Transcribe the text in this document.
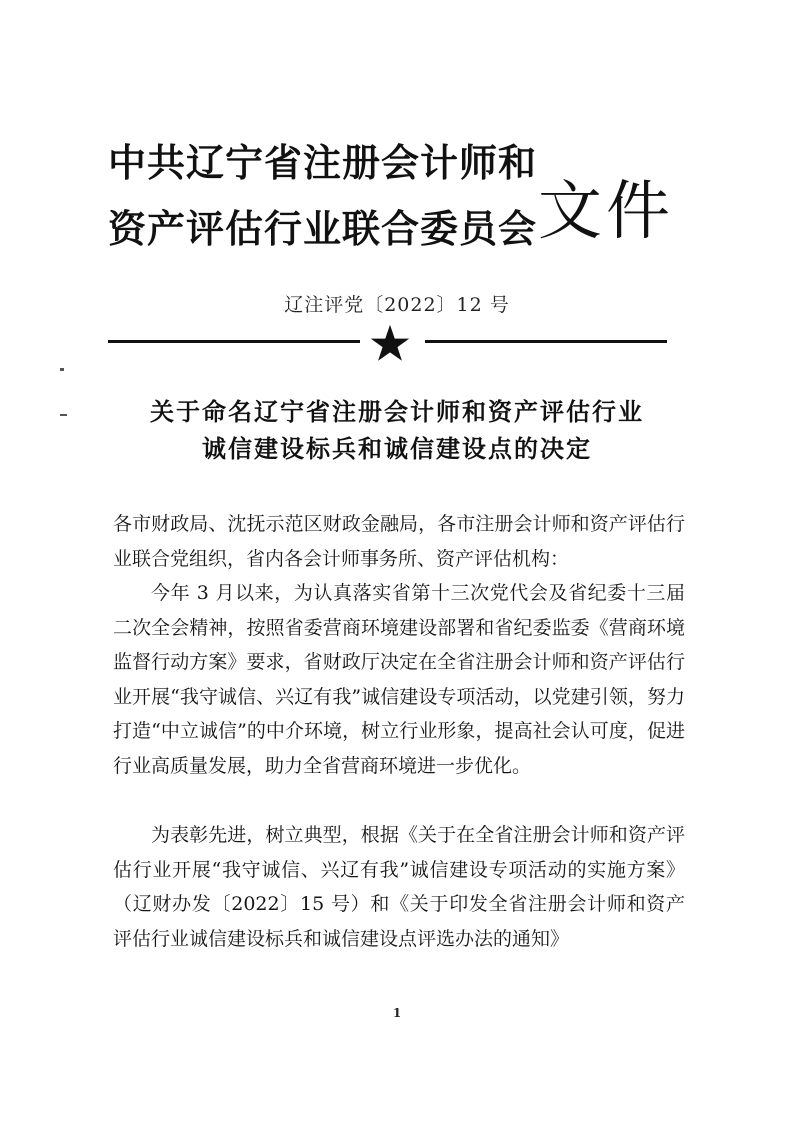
中共辽宁省注册会计师和
资产评估行业联合委员会 文件
辽注评党〔2022〕12 号
关于命名辽宁省注册会计师和资产评估行业
诚信建设标兵和诚信建设点的决定
各市财政局、沈抚示范区财政金融局，各市注册会计师和资产评估行业联合党组织，省内各会计师事务所、资产评估机构：
今年 3 月以来，为认真落实省第十三次党代会及省纪委十三届二次全会精神，按照省委营商环境建设部署和省纪委监委《营商环境监督行动方案》要求，省财政厅决定在全省注册会计师和资产评估行业开展“我守诚信、兴辽有我”诚信建设专项活动，以党建引领，努力打造“中立诚信”的中介环境，树立行业形象，提高社会认可度，促进行业高质量发展，助力全省营商环境进一步优化。
为表彰先进，树立典型，根据《关于在全省注册会计师和资产评估行业开展“我守诚信、兴辽有我”诚信建设专项活动的实施方案》（辽财办发〔2022〕15 号）和《关于印发全省注册会计师和资产评估行业诚信建设标兵和诚信建设点评选办法的通知》
1
